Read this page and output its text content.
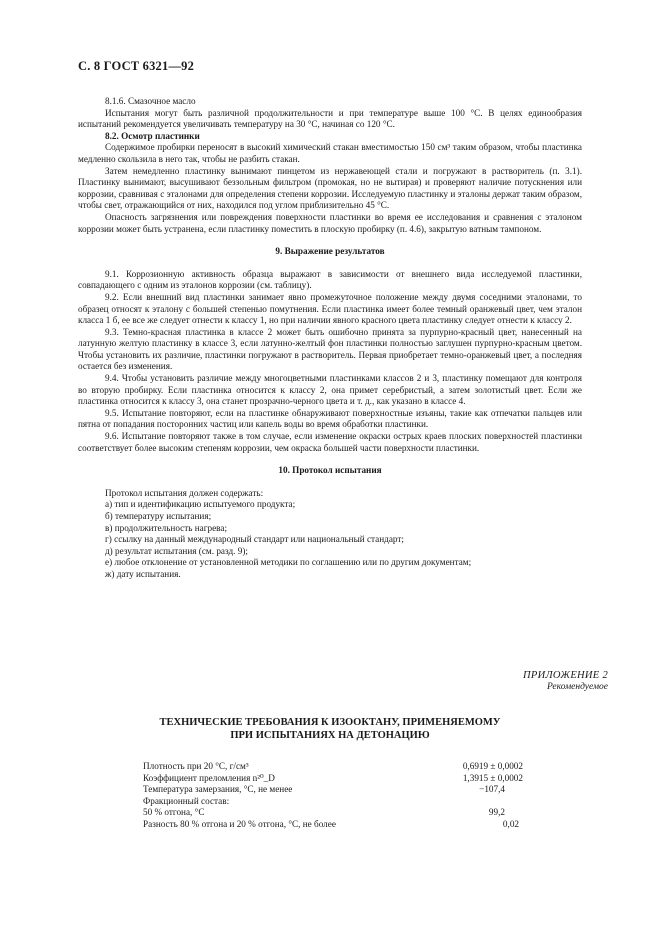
С. 8 ГОСТ 6321—92

8.1.6. Смазочное масло

Испытания могут быть различной продолжительности и при температуре выше 100 °С. В целях единообразия испытаний рекомендуется увеличивать температуру на 30 °С, начиная со 120 °С.

8.2. Осмотр пластинки

Содержимое пробирки переносят в высокий химический стакан вместимостью 150 см³ таким образом, чтобы пластинка медленно скользила в него так, чтобы не разбить стакан.

Затем немедленно пластинку вынимают пинцетом из нержавеющей стали и погружают в растворитель (п. 3.1). Пластинку вынимают, высушивают беззольным фильтром (промокая, но не вытирая) и проверяют наличие потускнения или коррозии, сравнивая с эталонами для определения степени коррозии. Исследуемую пластинку и эталоны держат таким образом, чтобы свет, отражающийся от них, находился под углом приблизительно 45 °С.

Опасность загрязнения или повреждения поверхности пластинки во время ее исследования и сравнения с эталоном коррозии может быть устранена, если пластинку поместить в плоскую пробирку (п. 4.6), закрытую ватным тампоном.

9. Выражение результатов

9.1. Коррозионную активность образца выражают в зависимости от внешнего вида исследуемой пластинки, совпадающего с одним из эталонов коррозии (см. таблицу).

9.2. Если внешний вид пластинки занимает явно промежуточное положение между двумя соседними эталонами, то образец относят к эталону с большей степенью помутнения. Если пластинка имеет более темный оранжевый цвет, чем эталон класса 1 б, ее все же следует отнести к классу 1, но при наличии явного красного цвета пластинку следует отнести к классу 2.

9.3. Темно-красная пластинка в классе 2 может быть ошибочно принята за пурпурно-красный цвет, нанесенный на латунную желтую пластинку в классе 3, если латунно-желтый фон пластинки полностью заглушен пурпурно-красным цветом. Чтобы установить их различие, пластинки погружают в растворитель. Первая приобретает темно-оранжевый цвет, а последняя остается без изменения.

9.4. Чтобы установить различие между многоцветными пластинками классов 2 и 3, пластинку помещают для контроля во вторую пробирку. Если пластинка относится к классу 2, она примет серебристый, а затем золотистый цвет. Если же пластинка относится к классу 3, она станет прозрачно-черного цвета и т. д., как указано в классе 4.

9.5. Испытание повторяют, если на пластинке обнаруживают поверхностные изъяны, такие как отпечатки пальцев или пятна от попадания посторонних частиц или капель воды во время обработки пластинки.

9.6. Испытание повторяют также в том случае, если изменение окраски острых краев плоских поверхностей пластинки соответствует более высоким степеням коррозии, чем окраска большей части поверхности пластинки.

10. Протокол испытания

Протокол испытания должен содержать:

а) тип и идентификацию испытуемого продукта;
б) температуру испытания;
в) продолжительность нагрева;
г) ссылку на данный международный стандарт или национальный стандарт;
д) результат испытания (см. разд. 9);
е) любое отклонение от установленной методики по соглашению или по другим документам;
ж) дату испытания.
ПРИЛОЖЕНИЕ 2
Рекомендуемое
ТЕХНИЧЕСКИЕ ТРЕБОВАНИЯ К ИЗООКТАНУ, ПРИМЕНЯЕМОМУ
ПРИ ИСПЫТАНИЯХ НА ДЕТОНАЦИЮ
Плотность при 20 °С, г/см³	0,6919 ± 0,0002
Коэффициент преломления n²⁰_D	1,3915 ± 0,0002
Температура замерзания, °С, не менее	−107,4
Фракционный состав:
50 % отгона, °С	99,2
Разность 80 % отгона и 20 % отгона, °С, не более	0,02
